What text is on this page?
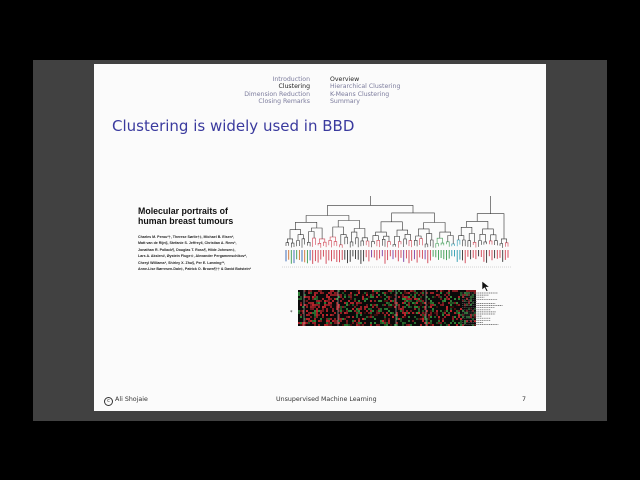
Introduction
Clustering
Dimension Reduction
Closing Remarks
Overview
Hierarchical Clustering
K-Means Clustering
Summary
Clustering is widely used in BBD
Molecular portraits of
human breast tumours
Charles M. Perou*†, Therese Sørlie†‡, Michael B. Eisen*,
Matt van de Rijn§, Stefanie S. Jeffrey‖, Christian A. Rees*,
Jonathan R. Pollack¶, Douglas T. Ross¶, Hilde Johnsen‡,
Lars A. Akslen#, Øystein Fluge☆, Alexander Pergamenschikov*,
Cheryl Williams*, Shirley X. Zhu§, Per E. Lønning**,
Anne-Lise Børresen-Dale‡, Patrick O. Brown¶†† & David Botstein*
*
c Ali Shojaie	Unsupervised Machine Learning	7
